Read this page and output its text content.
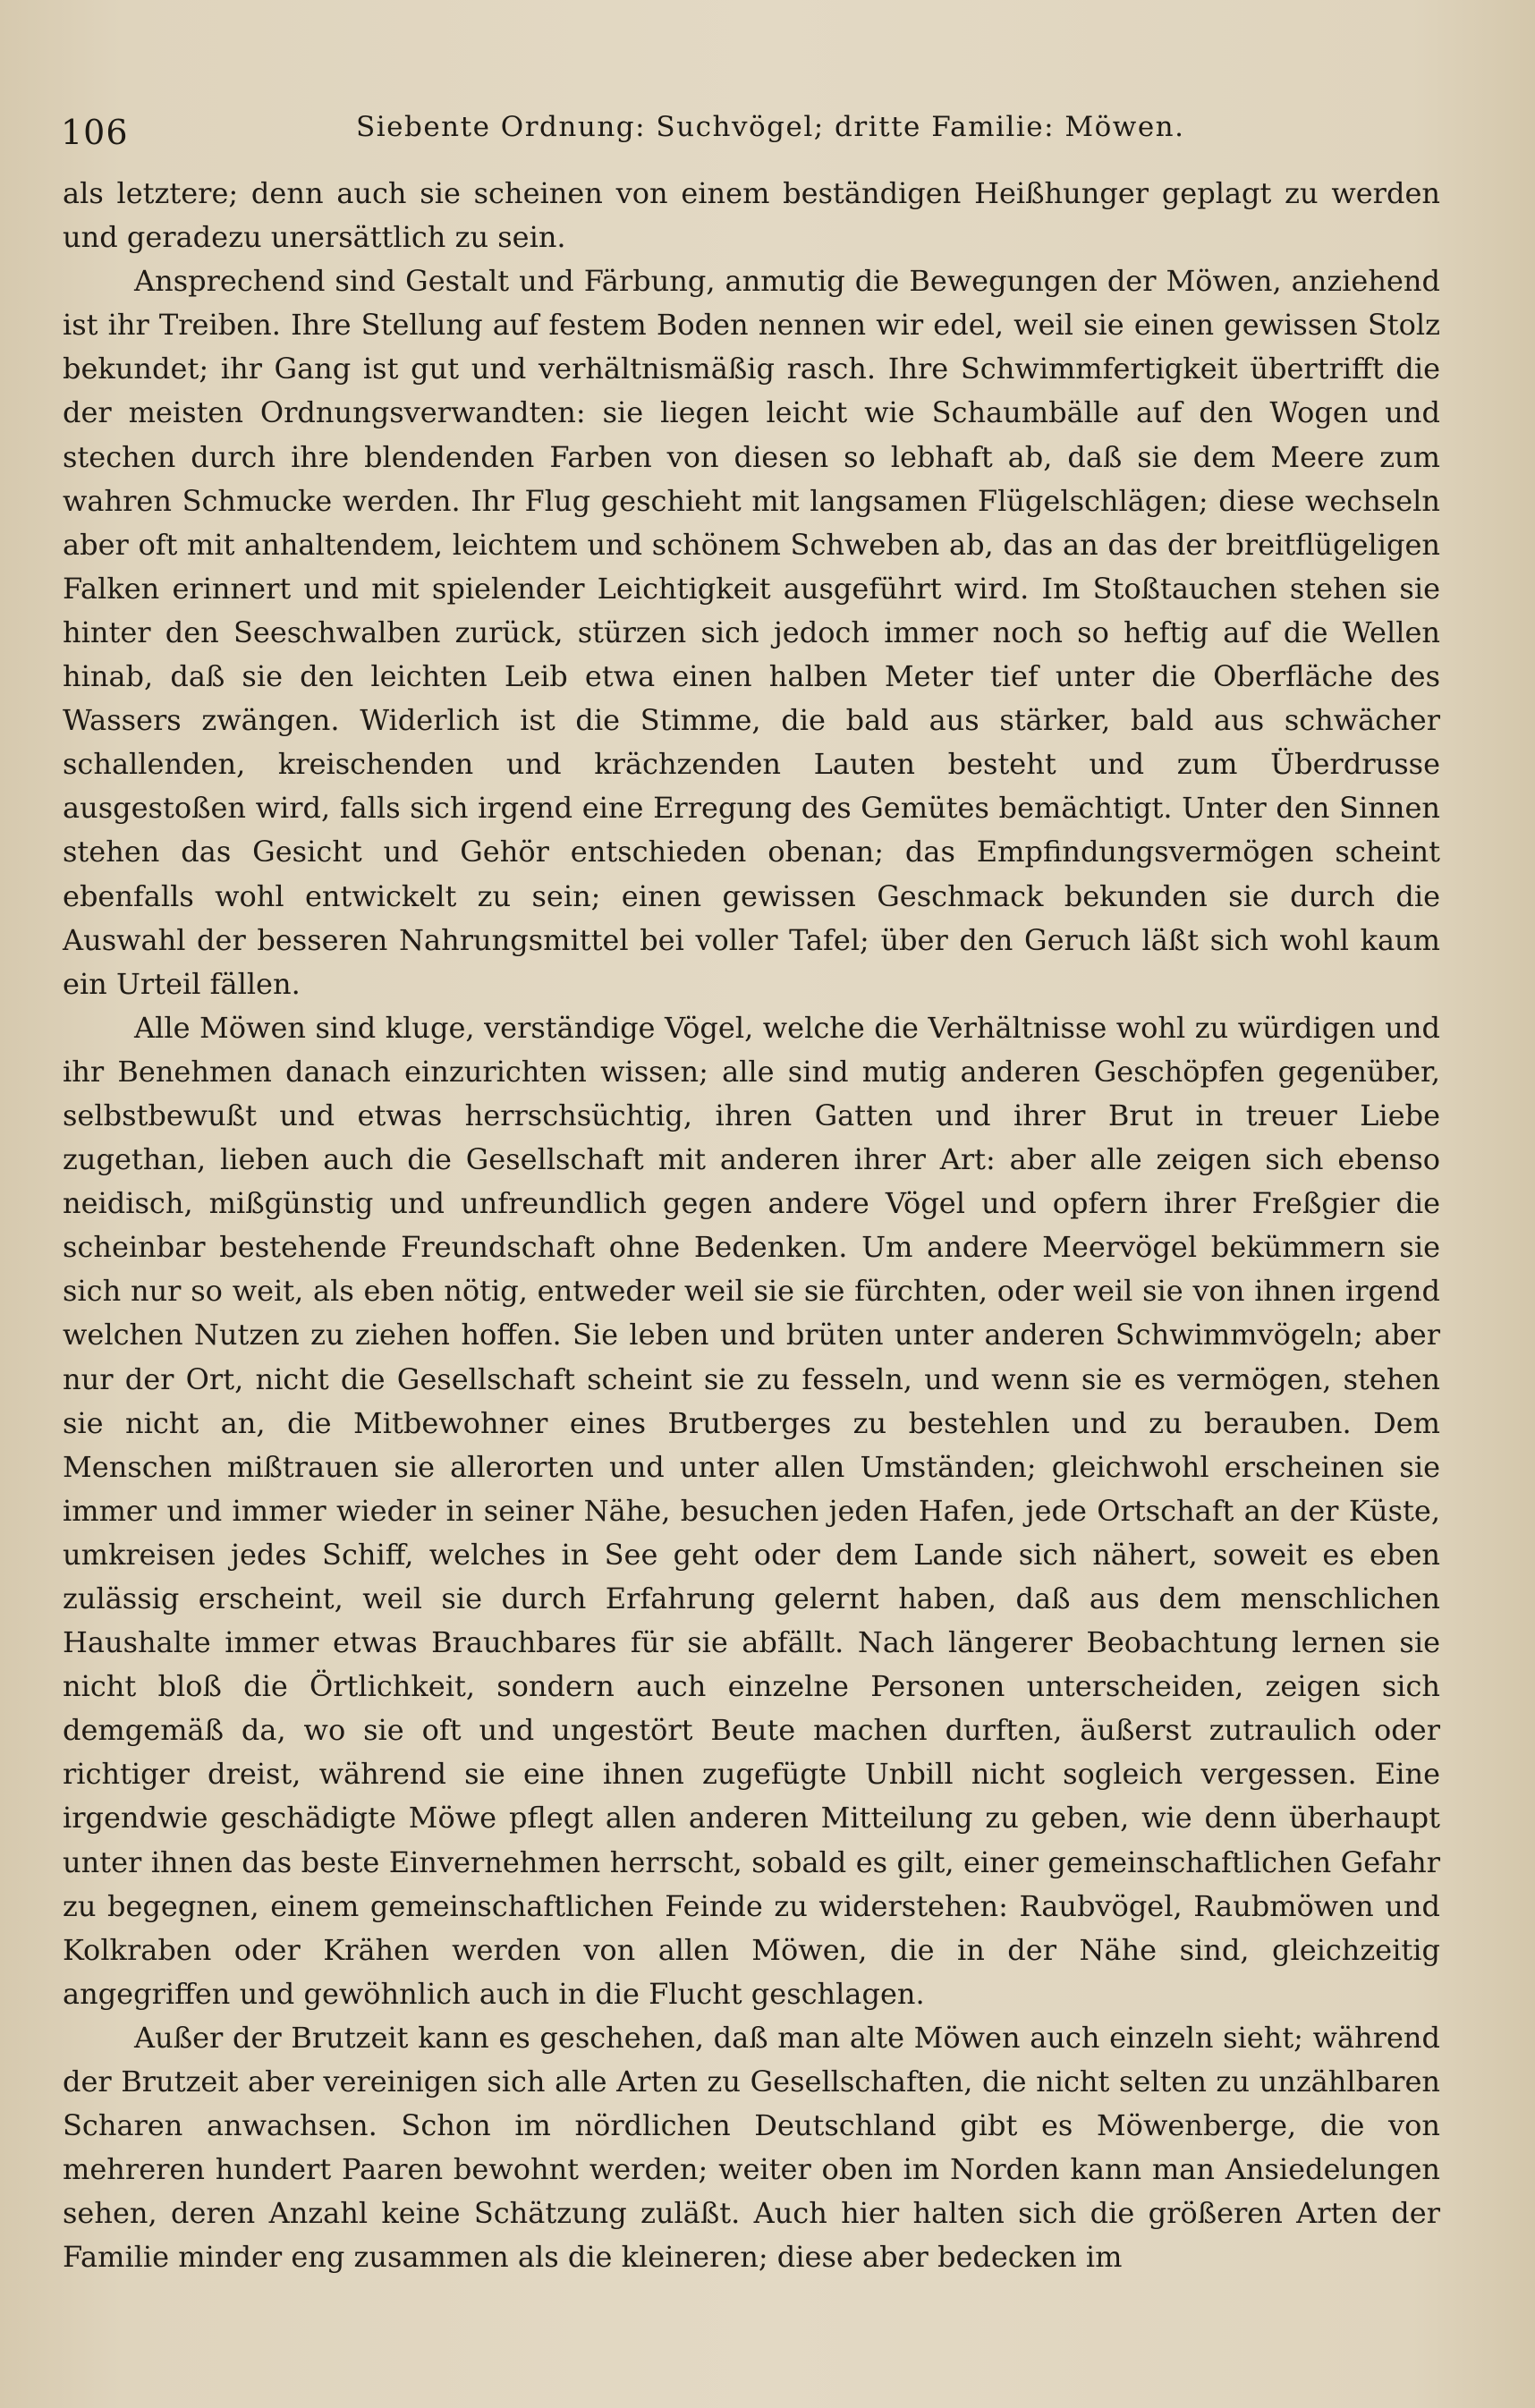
106	Siebente Ordnung: Suchvögel; dritte Familie: Möwen.

als letztere; denn auch sie scheinen von einem beständigen Heißhunger geplagt zu werden und geradezu unersättlich zu sein.

Ansprechend sind Gestalt und Färbung, anmutig die Bewegungen der Möwen, anziehend ist ihr Treiben. Ihre Stellung auf festem Boden nennen wir edel, weil sie einen gewissen Stolz bekundet; ihr Gang ist gut und verhältnismäßig rasch. Ihre Schwimmfertigkeit übertrifft die der meisten Ordnungsverwandten: sie liegen leicht wie Schaumbälle auf den Wogen und stechen durch ihre blendenden Farben von diesen so lebhaft ab, daß sie dem Meere zum wahren Schmucke werden. Ihr Flug geschieht mit langsamen Flügelschlägen; diese wechseln aber oft mit anhaltendem, leichtem und schönem Schweben ab, das an das der breitflügeligen Falken erinnert und mit spielender Leichtigkeit ausgeführt wird. Im Stoßtauchen stehen sie hinter den Seeschwalben zurück, stürzen sich jedoch immer noch so heftig auf die Wellen hinab, daß sie den leichten Leib etwa einen halben Meter tief unter die Oberfläche des Wassers zwängen. Widerlich ist die Stimme, die bald aus stärker, bald aus schwächer schallenden, kreischenden und krächzenden Lauten besteht und zum Überdrusse ausgestoßen wird, falls sich irgend eine Erregung des Gemütes bemächtigt. Unter den Sinnen stehen das Gesicht und Gehör entschieden obenan; das Empfindungsvermögen scheint ebenfalls wohl entwickelt zu sein; einen gewissen Geschmack bekunden sie durch die Auswahl der besseren Nahrungsmittel bei voller Tafel; über den Geruch läßt sich wohl kaum ein Urteil fällen.

Alle Möwen sind kluge, verständige Vögel, welche die Verhältnisse wohl zu würdigen und ihr Benehmen danach einzurichten wissen; alle sind mutig anderen Geschöpfen gegenüber, selbstbewußt und etwas herrschsüchtig, ihren Gatten und ihrer Brut in treuer Liebe zugethan, lieben auch die Gesellschaft mit anderen ihrer Art: aber alle zeigen sich ebenso neidisch, mißgünstig und unfreundlich gegen andere Vögel und opfern ihrer Freßgier die scheinbar bestehende Freundschaft ohne Bedenken. Um andere Meervögel bekümmern sie sich nur so weit, als eben nötig, entweder weil sie sie fürchten, oder weil sie von ihnen irgend welchen Nutzen zu ziehen hoffen. Sie leben und brüten unter anderen Schwimmvögeln; aber nur der Ort, nicht die Gesellschaft scheint sie zu fesseln, und wenn sie es vermögen, stehen sie nicht an, die Mitbewohner eines Brutberges zu bestehlen und zu berauben. Dem Menschen mißtrauen sie allerorten und unter allen Umständen; gleichwohl erscheinen sie immer und immer wieder in seiner Nähe, besuchen jeden Hafen, jede Ortschaft an der Küste, umkreisen jedes Schiff, welches in See geht oder dem Lande sich nähert, soweit es eben zulässig erscheint, weil sie durch Erfahrung gelernt haben, daß aus dem menschlichen Haushalte immer etwas Brauchbares für sie abfällt. Nach längerer Beobachtung lernen sie nicht bloß die Örtlichkeit, sondern auch einzelne Personen unterscheiden, zeigen sich demgemäß da, wo sie oft und ungestört Beute machen durften, äußerst zutraulich oder richtiger dreist, während sie eine ihnen zugefügte Unbill nicht sogleich vergessen. Eine irgendwie geschädigte Möwe pflegt allen anderen Mitteilung zu geben, wie denn überhaupt unter ihnen das beste Einvernehmen herrscht, sobald es gilt, einer gemeinschaftlichen Gefahr zu begegnen, einem gemeinschaftlichen Feinde zu widerstehen: Raubvögel, Raubmöwen und Kolkraben oder Krähen werden von allen Möwen, die in der Nähe sind, gleichzeitig angegriffen und gewöhnlich auch in die Flucht geschlagen.

Außer der Brutzeit kann es geschehen, daß man alte Möwen auch einzeln sieht; während der Brutzeit aber vereinigen sich alle Arten zu Gesellschaften, die nicht selten zu unzählbaren Scharen anwachsen. Schon im nördlichen Deutschland gibt es Möwenberge, die von mehreren hundert Paaren bewohnt werden; weiter oben im Norden kann man Ansiedelungen sehen, deren Anzahl keine Schätzung zuläßt. Auch hier halten sich die größeren Arten der Familie minder eng zusammen als die kleineren; diese aber bedecken im
